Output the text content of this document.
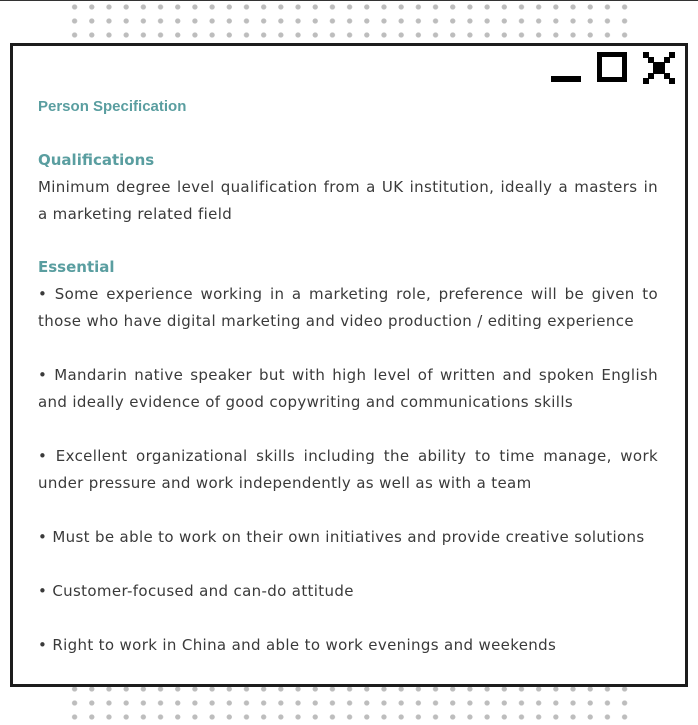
Person Specification
Qualifications
Minimum degree level qualification from a UK institution, ideally a masters in a marketing related field
Essential
• Some experience working in a marketing role, preference will be given to those who have digital marketing and video production / editing experience
• Mandarin native speaker but with high level of written and spoken English and ideally evidence of good copywriting and communications skills
• Excellent organizational skills including the ability to time manage, work under pressure and work independently as well as with a team
• Must be able to work on their own initiatives and provide creative solutions
• Customer-focused and can-do attitude
• Right to work in China and able to work evenings and weekends
